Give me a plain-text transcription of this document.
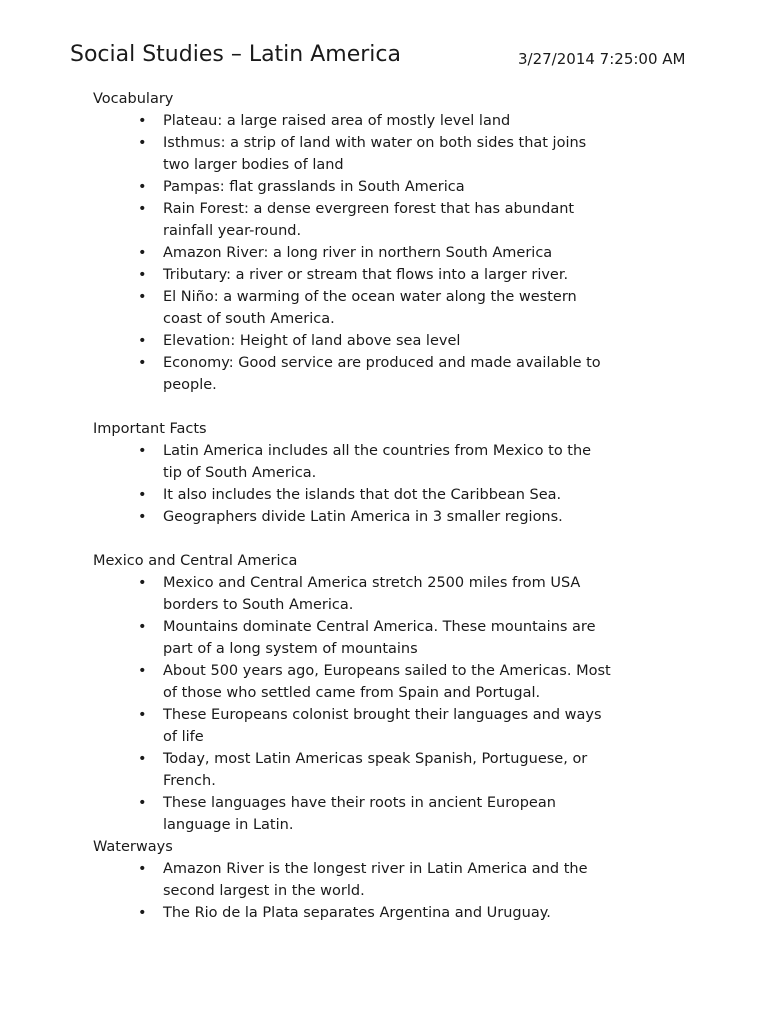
Social Studies – Latin America	3/27/2014 7:25:00 AM

Vocabulary

• Plateau: a large raised area of mostly level land
• Isthmus: a strip of land with water on both sides that joins two larger bodies of land
• Pampas: flat grasslands in South America
• Rain Forest: a dense evergreen forest that has abundant rainfall year-round.
• Amazon River: a long river in northern South America
• Tributary: a river or stream that flows into a larger river.
• El Niño: a warming of the ocean water along the western coast of south America.
• Elevation: Height of land above sea level
• Economy: Good service are produced and made available to people.

Important Facts

• Latin America includes all the countries from Mexico to the tip of South America.
• It also includes the islands that dot the Caribbean Sea.
• Geographers divide Latin America in 3 smaller regions.

Mexico and Central America

• Mexico and Central America stretch 2500 miles from USA borders to South America.
• Mountains dominate Central America. These mountains are part of a long system of mountains
• About 500 years ago, Europeans sailed to the Americas. Most of those who settled came from Spain and Portugal.
• These Europeans colonist brought their languages and ways of life
• Today, most Latin Americas speak Spanish, Portuguese, or French.
• These languages have their roots in ancient European language in Latin.

Waterways

• Amazon River is the longest river in Latin America and the second largest in the world.
• The Rio de la Plata separates Argentina and Uruguay.
